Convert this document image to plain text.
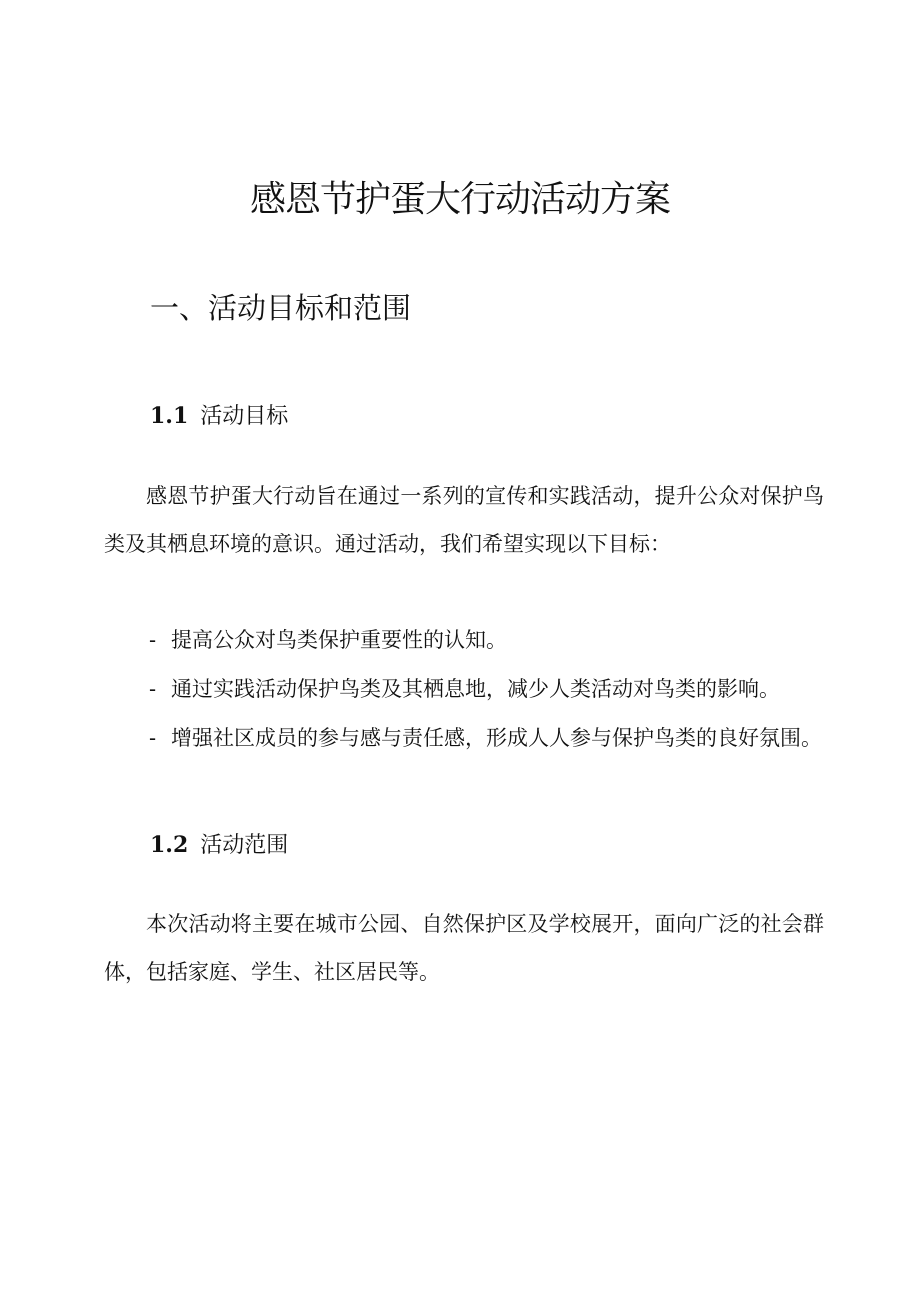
感恩节护蛋大行动活动方案
一、活动目标和范围
1.1 活动目标

感恩节护蛋大行动旨在通过一系列的宣传和实践活动，提升公众对保护鸟类及其栖息环境的意识。通过活动，我们希望实现以下目标：

- 提高公众对鸟类保护重要性的认知。
- 通过实践活动保护鸟类及其栖息地，减少人类活动对鸟类的影响。
- 增强社区成员的参与感与责任感，形成人人参与保护鸟类的良好氛围。
1.2 活动范围

本次活动将主要在城市公园、自然保护区及学校展开，面向广泛的社会群体，包括家庭、学生、社区居民等。
